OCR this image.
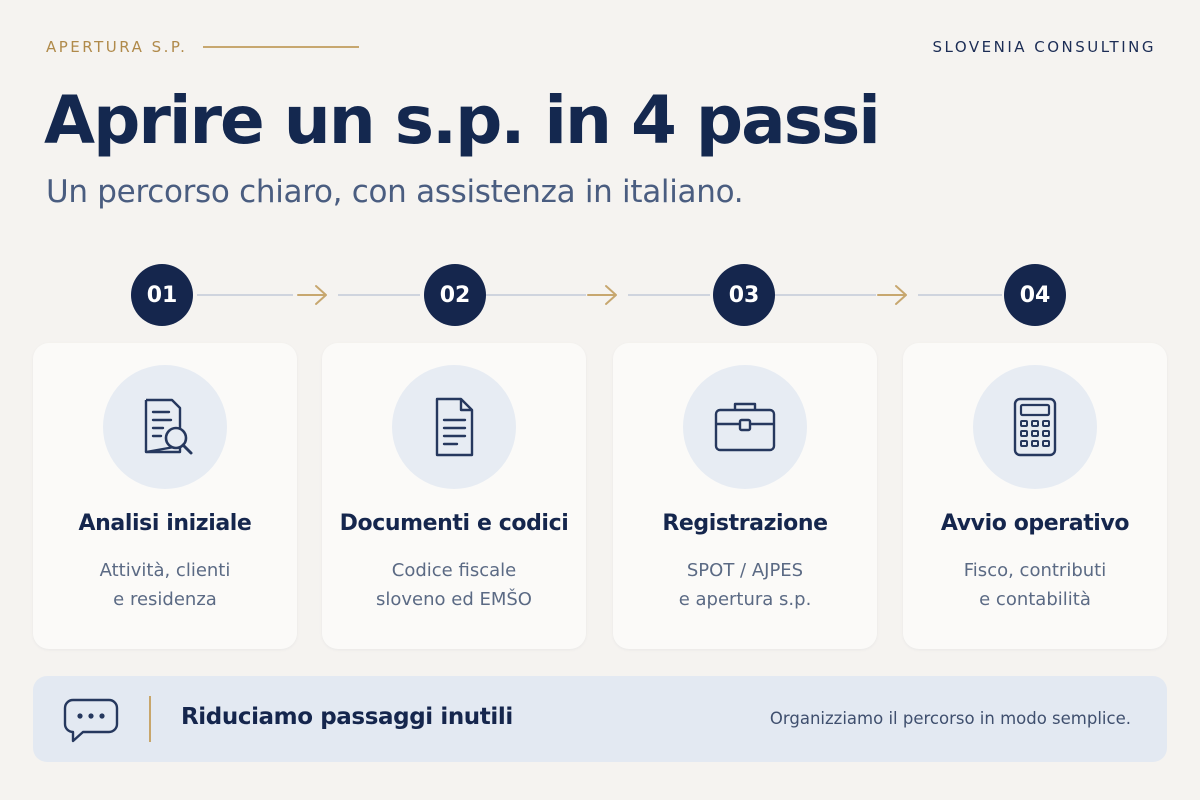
APERTURA S.P.	SLOVENIA CONSULTING
Aprire un s.p. in 4 passi
Un percorso chiaro, con assistenza in italiano.
01	02	03	04
Analisi iniziale
Attività, clienti
e residenza
Documenti e codici
Codice fiscale
sloveno ed EMŠO
Registrazione
SPOT / AJPES
e apertura s.p.
Avvio operativo
Fisco, contributi
e contabilità
Riduciamo passaggi inutili	Organizziamo il percorso in modo semplice.
